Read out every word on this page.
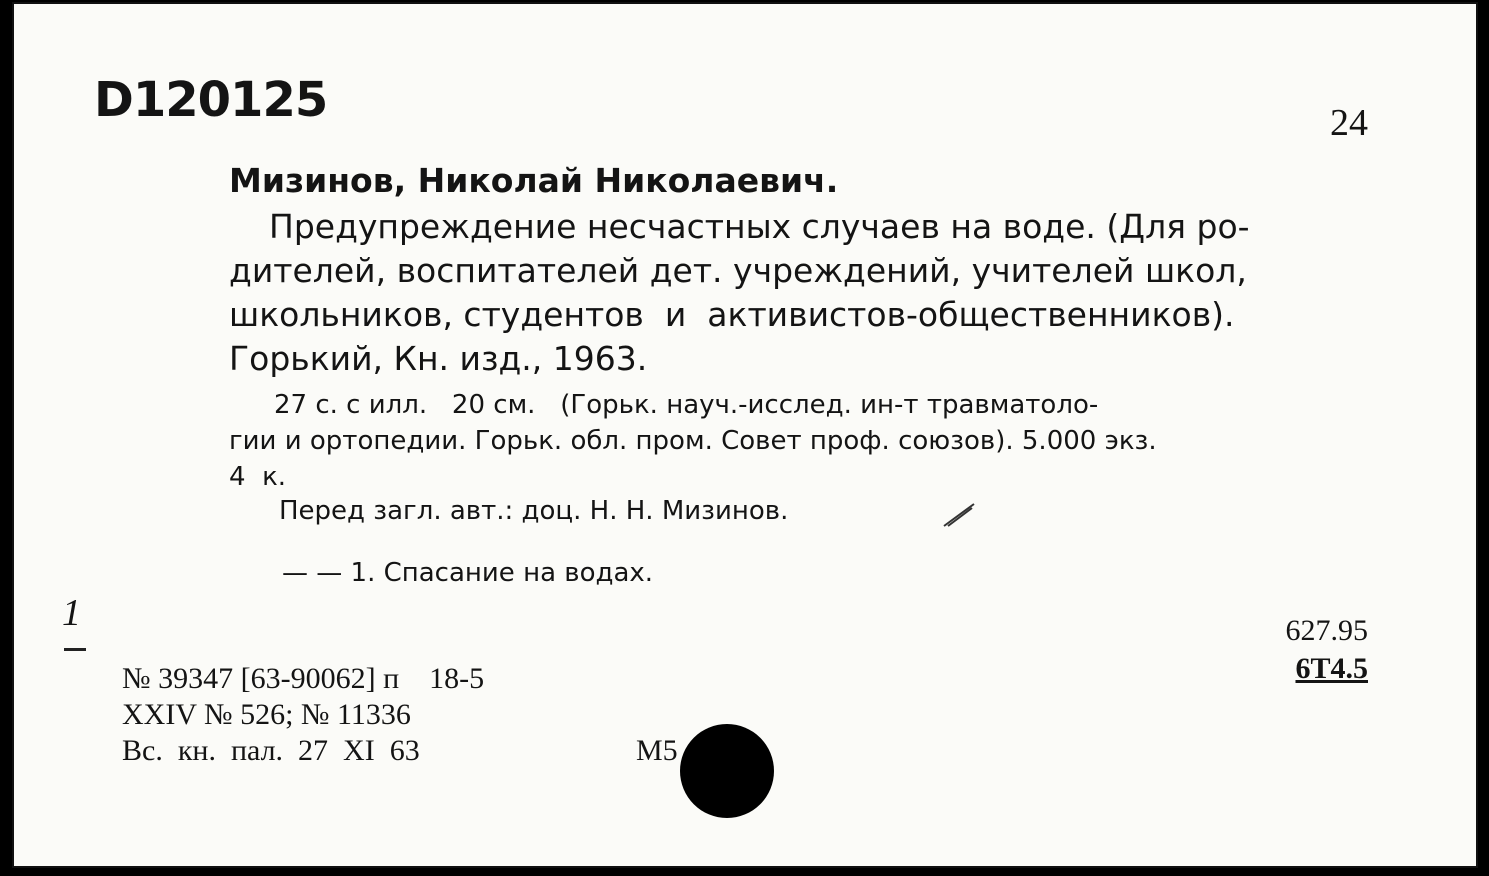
D120125	24
Мизинов, Николай Николаевич.
Предупреждение несчастных случаев на воде. (Для ро-
дителей, воспитателей дет. учреждений, учителей школ,
школьников, студентов  и  активистов-общественников).
Горький, Кн. изд., 1963.
27 с. с илл.   20 см.   (Горьк. науч.-исслед. ин-т травматоло-
гии и ортопедии. Горьк. обл. пром. Совет проф. союзов). 5.000 экз.
4  к.
Перед загл. авт.: доц. Н. Н. Мизинов.
— — 1. Спасание на водах.
1	627.95
6Т4.5
№ 39347 [63-90062] п    18-5
XXIV № 526; № 11336
Вс.  кн.  пал.  27  XI  63	М5
